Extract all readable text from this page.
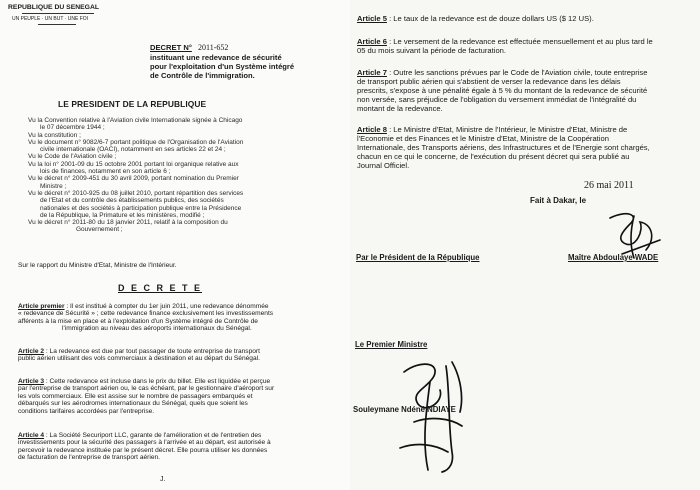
REPUBLIQUE DU SENEGAL
UN PEUPLE · UN BUT · UNE FOI
DECRET N° 2011-652
instituant une redevance de sécurité
pour l'exploitation d'un Système intégré
de Contrôle de l'immigration.
LE PRESIDENT DE LA REPUBLIQUE
Vu la Convention relative à l'Aviation civile Internationale signée à Chicago
le 07 décembre 1944 ;
Vu la constitution ;
Vu le document n° 9082/6-7 portant politique de l'Organisation de l'Aviation
civile internationale (OACI), notamment en ses articles 22 et 24 ;
Vu le Code de l'Aviation civile ;
Vu la loi n° 2001-09 du 15 octobre 2001 portant loi organique relative aux
lois de finances, notamment en son article 6 ;
Vu le décret n° 2009-451 du 30 avril 2009, portant nomination du Premier
Ministre ;
Vu le décret n° 2010-925 du 08 juillet 2010, portant répartition des services
de l'Etat et du contrôle des établissements publics, des sociétés
nationales et des sociétés à participation publique entre la Présidence
de la République, la Primature et les ministères, modifié ;
Vu le décret n° 2011-80 du 18 janvier 2011, relatif à la composition du
Gouvernement ;
Sur le rapport du Ministre d'Etat, Ministre de l'Intérieur.
D E C R E T E
Article premier : Il est institué à compter du 1er juin 2011, une redevance dénommée
« redevance de Sécurité » ; cette redevance finance exclusivement les investissements
afférents à la mise en place et à l'exploitation d'un Système intégré de Contrôle de
l'immigration au niveau des aéroports internationaux du Sénégal.
Article 2 : La redevance est due par tout passager de toute entreprise de transport
public aérien utilisant des vols commerciaux à destination et au départ du Sénégal.
Article 3 : Cette redevance est incluse dans le prix du billet. Elle est liquidée et perçue
par l'entreprise de transport aérien ou, le cas échéant, par le gestionnaire d'aéroport sur
les vols commerciaux. Elle est assise sur le nombre de passagers embarqués et
débarqués sur les aérodromes internationaux du Sénégal, quels que soient les
conditions tarifaires accordées par l'entreprise.
Article 4 : La Société Securiport LLC, garante de l'amélioration et de l'entretien des
investissements pour la sécurité des passagers à l'arrivée et au départ, est autorisée à
percevoir la redevance instituée par le présent décret. Elle pourra utiliser les données
de facturation de l'entreprise de transport aérien.
J.
Article 5 : Le taux de la redevance est de douze dollars US ($ 12 US).
Article 6 : Le versement de la redevance est effectuée mensuellement et au plus tard le
05 du mois suivant la période de facturation.
Article 7 : Outre les sanctions prévues par le Code de l'Aviation civile, toute entreprise
de transport public aérien qui s'abstient de verser la redevance dans les délais
prescrits, s'expose à une pénalité égale à 5 % du montant de la redevance de sécurité
non versée, sans préjudice de l'obligation du versement immédiat de l'intégralité du
montant de la redevance.
Article 8 : Le Ministre d'Etat, Ministre de l'Intérieur, le Ministre d'Etat, Ministre de
l'Economie et des Finances et le Ministre d'Etat, Ministre de la Coopération
Internationale, des Transports aériens, des Infrastructures et de l'Energie sont chargés,
chacun en ce qui le concerne, de l'exécution du présent décret qui sera publié au
Journal Officiel.
26 mai 2011
Fait à Dakar, le
Par le Président de la République	Maître Abdoulaye WADE
Le Premier Ministre
Souleymane Ndéné NDIAYE
